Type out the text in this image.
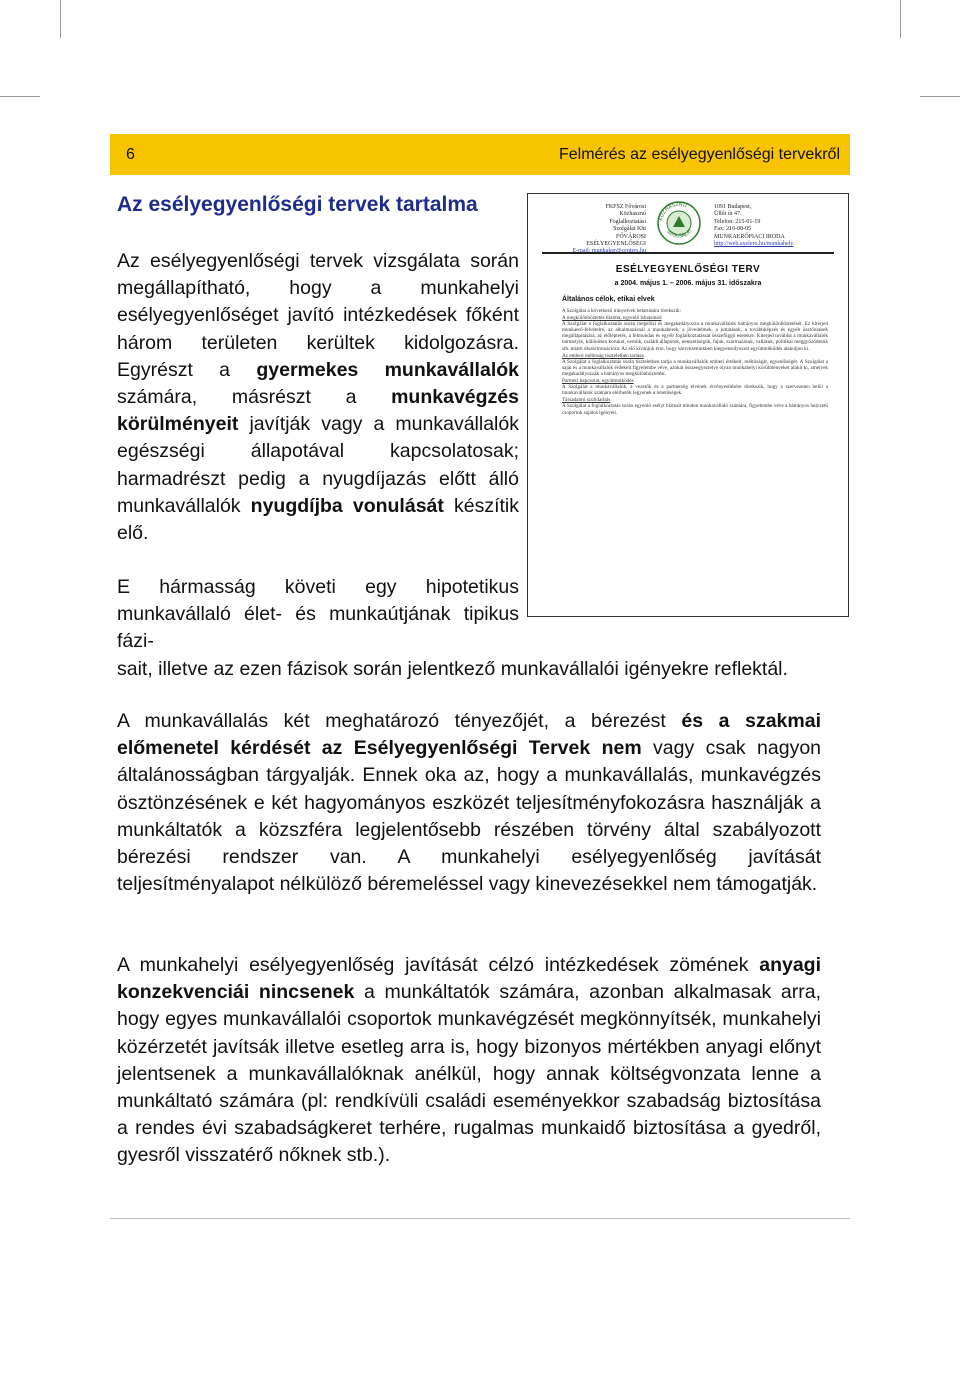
6	Felmérés az esélyegyenlőségi tervekről
Az esélyegyenlőségi tervek tartalma

Az esélyegyenlőségi tervek vizsgálata során megállapítható, hogy a munkahelyi esélyegyenlőséget javító intézkedések főként három területen kerültek kidolgozásra. Egyrészt a gyermekes munkavállalók számára, másrészt a munkavégzés körülményeit javítják vagy a munkavállalók egészségi állapotával kapcsolatosak; harmadrészt pedig a nyugdíjazás előtt álló munkavállalók nyugdíjba vonulását készítik elő.

FKFSZ Fővárosi
Közhasznú
Foglalkoztatási
Szolgálat Kht
FŐVÁROSI ESÉLYEGYENLŐSÉGI
KÖZHASZNÚ
SZOLGÁLAT
1091 Budapest,
Üllői út 47.
Telefon: 215-01-19
Fax: 216-08-05
MUNKAERŐPIACI IRODA
http://web.axelero.hu/munkahely
ESÉLYEGYENLŐSÉGI TERV
a 2004. május 1. – 2006. május 31. időszakra
Általános célok, etikai elvek
A Szolgálat a következő irányelvek betartására törekszik:
A megkülönböztetés tilalma, egyenlő bánásmód
A Szolgálat a foglalkoztatás során megelőzi és megakadályozza a munkavállalók hátrányos megkülönböztetését. Ez kiterjed munkaerő-felvételre, az alkalmazásnál a munkabérek, a jövedelmek, a juttatások, a továbbképzés és egyéb ösztönzések megállapítására, az előléptetés, a felmondás és egyéb foglalkoztatással összefüggő esetekre. Kiterjed továbbá a munkavállalók bármelyik, különösen korukat, nemük, családi állapotuk, nemzetiségük, fajuk, származásuk, vallásuk, politikai meggyőződésük stb. miatti diszkriminációra. Az elő kívánjuk érni, hogy szervezetünkben kiegyensúlyozott együttműködés alakuljon ki.
Az emberi méltóság tiszteletben tartása
A Szolgálat a foglalkoztatás során tiszteletben tartja a munkavállalók emberi értékeit, méltóságát, egyenlőségét. A Szolgálat a saját és a munkavállalók érdekeit figyelembe véve, azokat összeegyeztetve olyan munkahelyi körülményeket alakít ki, amelyek megakadályozzák a hátrányos megkülönböztetést.
Partneri kapcsolat, együttműködés
A Szolgálat a munkavállalók, a vezetők és a partnerség elvének érvényesítésére törekszik, hogy a szervezeten belül a munkavállalók számára elérhetők legyenek a lehetőségek.
Társadalmi szolidaritás
A Szolgálat a foglalkoztatás során egyenlő esélyt biztosít minden munkavállaló számára, figyelembe véve a hátrányos helyzetű csoportok sajátos igényeit.

E hármasság követi egy hipotetikus munkavállaló élet- és munkaútjának tipikus fázi-
sait, illetve az ezen fázisok során jelentkező munkavállalói igényekre reflektál.

A munkavállalás két meghatározó tényezőjét, a bérezést és a szakmai előmenetel kérdését az Esélyegyenlőségi Tervek nem vagy csak nagyon általánosságban tárgyalják. Ennek oka az, hogy a munkavállalás, munkavégzés ösztönzésének e két hagyományos eszközét teljesítményfokozásra használják a munkáltatók a közszféra legjelentősebb részében törvény által szabályozott bérezési rendszer van. A munkahelyi esélyegyenlőség javítását teljesítményalapot nélkülöző béremeléssel vagy kinevezésekkel nem támogatják.

A munkahelyi esélyegyenlőség javítását célzó intézkedések zömének anyagi konzekvenciái nincsenek a munkáltatók számára, azonban alkalmasak arra, hogy egyes munkavállalói csoportok munkavégzését megkönnyítsék, munkahelyi közérzetét javítsák illetve esetleg arra is, hogy bizonyos mértékben anyagi előnyt jelentsenek a munkavállalóknak anélkül, hogy annak költségvonzata lenne a munkáltató számára (pl: rendkívüli családi eseményekkor szabadság biztosítása a rendes évi szabadságkeret terhére, rugalmas munkaidő biztosítása a gyedről, gyesről visszatérő nőknek stb.).
